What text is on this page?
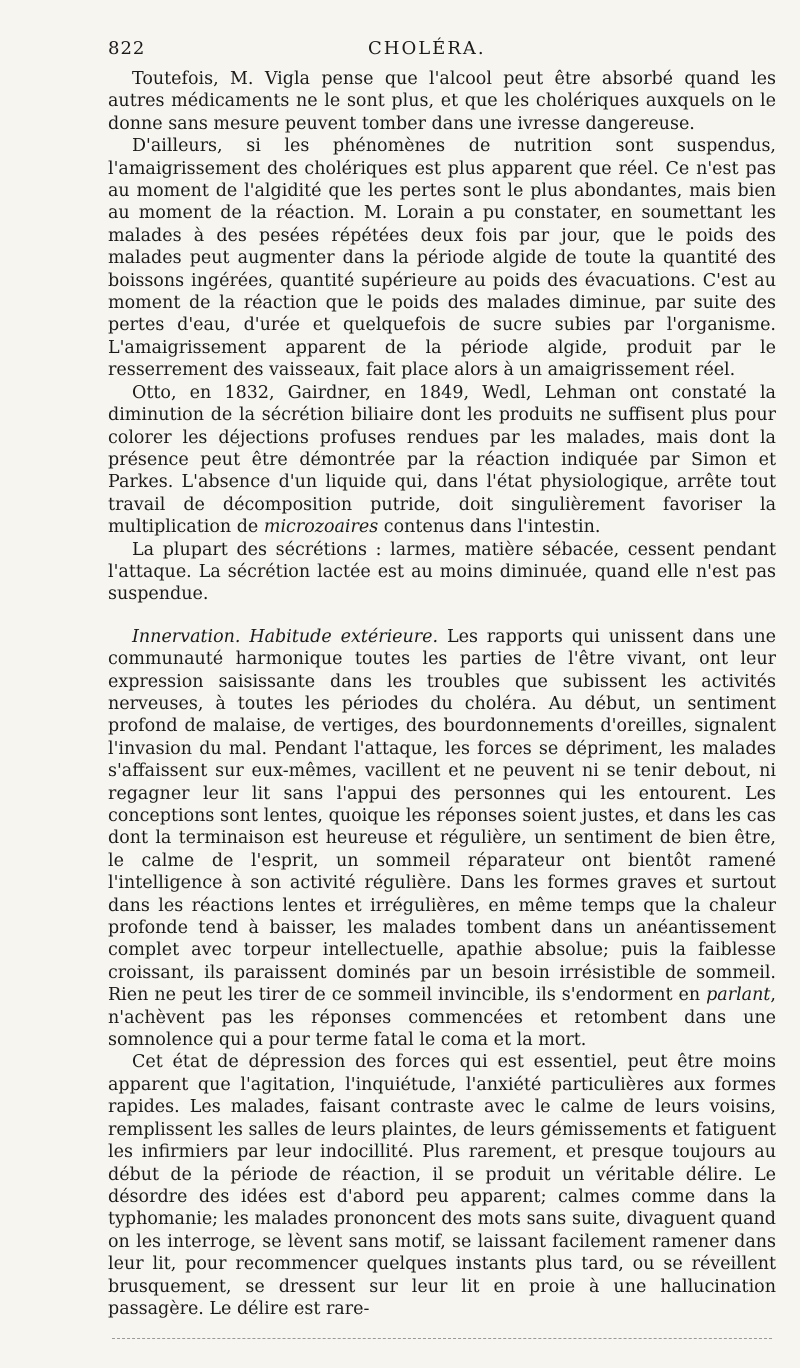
822	CHOLÉRA.

Toutefois, M. Vigla pense que l'alcool peut être absorbé quand les autres médicaments ne le sont plus, et que les cholériques auxquels on le donne sans mesure peuvent tomber dans une ivresse dangereuse.

D'ailleurs, si les phénomènes de nutrition sont suspendus, l'amaigrissement des cholériques est plus apparent que réel. Ce n'est pas au moment de l'algidité que les pertes sont le plus abondantes, mais bien au moment de la réaction. M. Lorain a pu constater, en soumettant les malades à des pesées répétées deux fois par jour, que le poids des malades peut augmenter dans la période algide de toute la quantité des boissons ingérées, quantité supérieure au poids des évacuations. C'est au moment de la réaction que le poids des malades diminue, par suite des pertes d'eau, d'urée et quelquefois de sucre subies par l'organisme. L'amaigrissement apparent de la période algide, produit par le resserrement des vaisseaux, fait place alors à un amaigrissement réel.

Otto, en 1832, Gairdner, en 1849, Wedl, Lehman ont constaté la diminution de la sécrétion biliaire dont les produits ne suffisent plus pour colorer les déjections profuses rendues par les malades, mais dont la présence peut être démontrée par la réaction indiquée par Simon et Parkes. L'absence d'un liquide qui, dans l'état physiologique, arrête tout travail de décomposition putride, doit singulièrement favoriser la multiplication de microzoaires contenus dans l'intestin.

La plupart des sécrétions : larmes, matière sébacée, cessent pendant l'attaque. La sécrétion lactée est au moins diminuée, quand elle n'est pas suspendue.

Innervation. Habitude extérieure. Les rapports qui unissent dans une communauté harmonique toutes les parties de l'être vivant, ont leur expression saisissante dans les troubles que subissent les activités nerveuses, à toutes les périodes du choléra. Au début, un sentiment profond de malaise, de vertiges, des bourdonnements d'oreilles, signalent l'invasion du mal. Pendant l'attaque, les forces se dépriment, les malades s'affaissent sur eux-mêmes, vacillent et ne peuvent ni se tenir debout, ni regagner leur lit sans l'appui des personnes qui les entourent. Les conceptions sont lentes, quoique les réponses soient justes, et dans les cas dont la terminaison est heureuse et régulière, un sentiment de bien être, le calme de l'esprit, un sommeil réparateur ont bientôt ramené l'intelligence à son activité régulière. Dans les formes graves et surtout dans les réactions lentes et irrégulières, en même temps que la chaleur profonde tend à baisser, les malades tombent dans un anéantissement complet avec torpeur intellectuelle, apathie absolue; puis la faiblesse croissant, ils paraissent dominés par un besoin irrésistible de sommeil. Rien ne peut les tirer de ce sommeil invincible, ils s'endorment en parlant, n'achèvent pas les réponses commencées et retombent dans une somnolence qui a pour terme fatal le coma et la mort.

Cet état de dépression des forces qui est essentiel, peut être moins apparent que l'agitation, l'inquiétude, l'anxiété particulières aux formes rapides. Les malades, faisant contraste avec le calme de leurs voisins, remplissent les salles de leurs plaintes, de leurs gémissements et fatiguent les infirmiers par leur indocillité. Plus rarement, et presque toujours au début de la période de réaction, il se produit un véritable délire. Le désordre des idées est d'abord peu apparent; calmes comme dans la typhomanie; les malades prononcent des mots sans suite, divaguent quand on les interroge, se lèvent sans motif, se laissant facilement ramener dans leur lit, pour recommencer quelques instants plus tard, ou se réveillent brusquement, se dressent sur leur lit en proie à une hallucination passagère. Le délire est rare-
